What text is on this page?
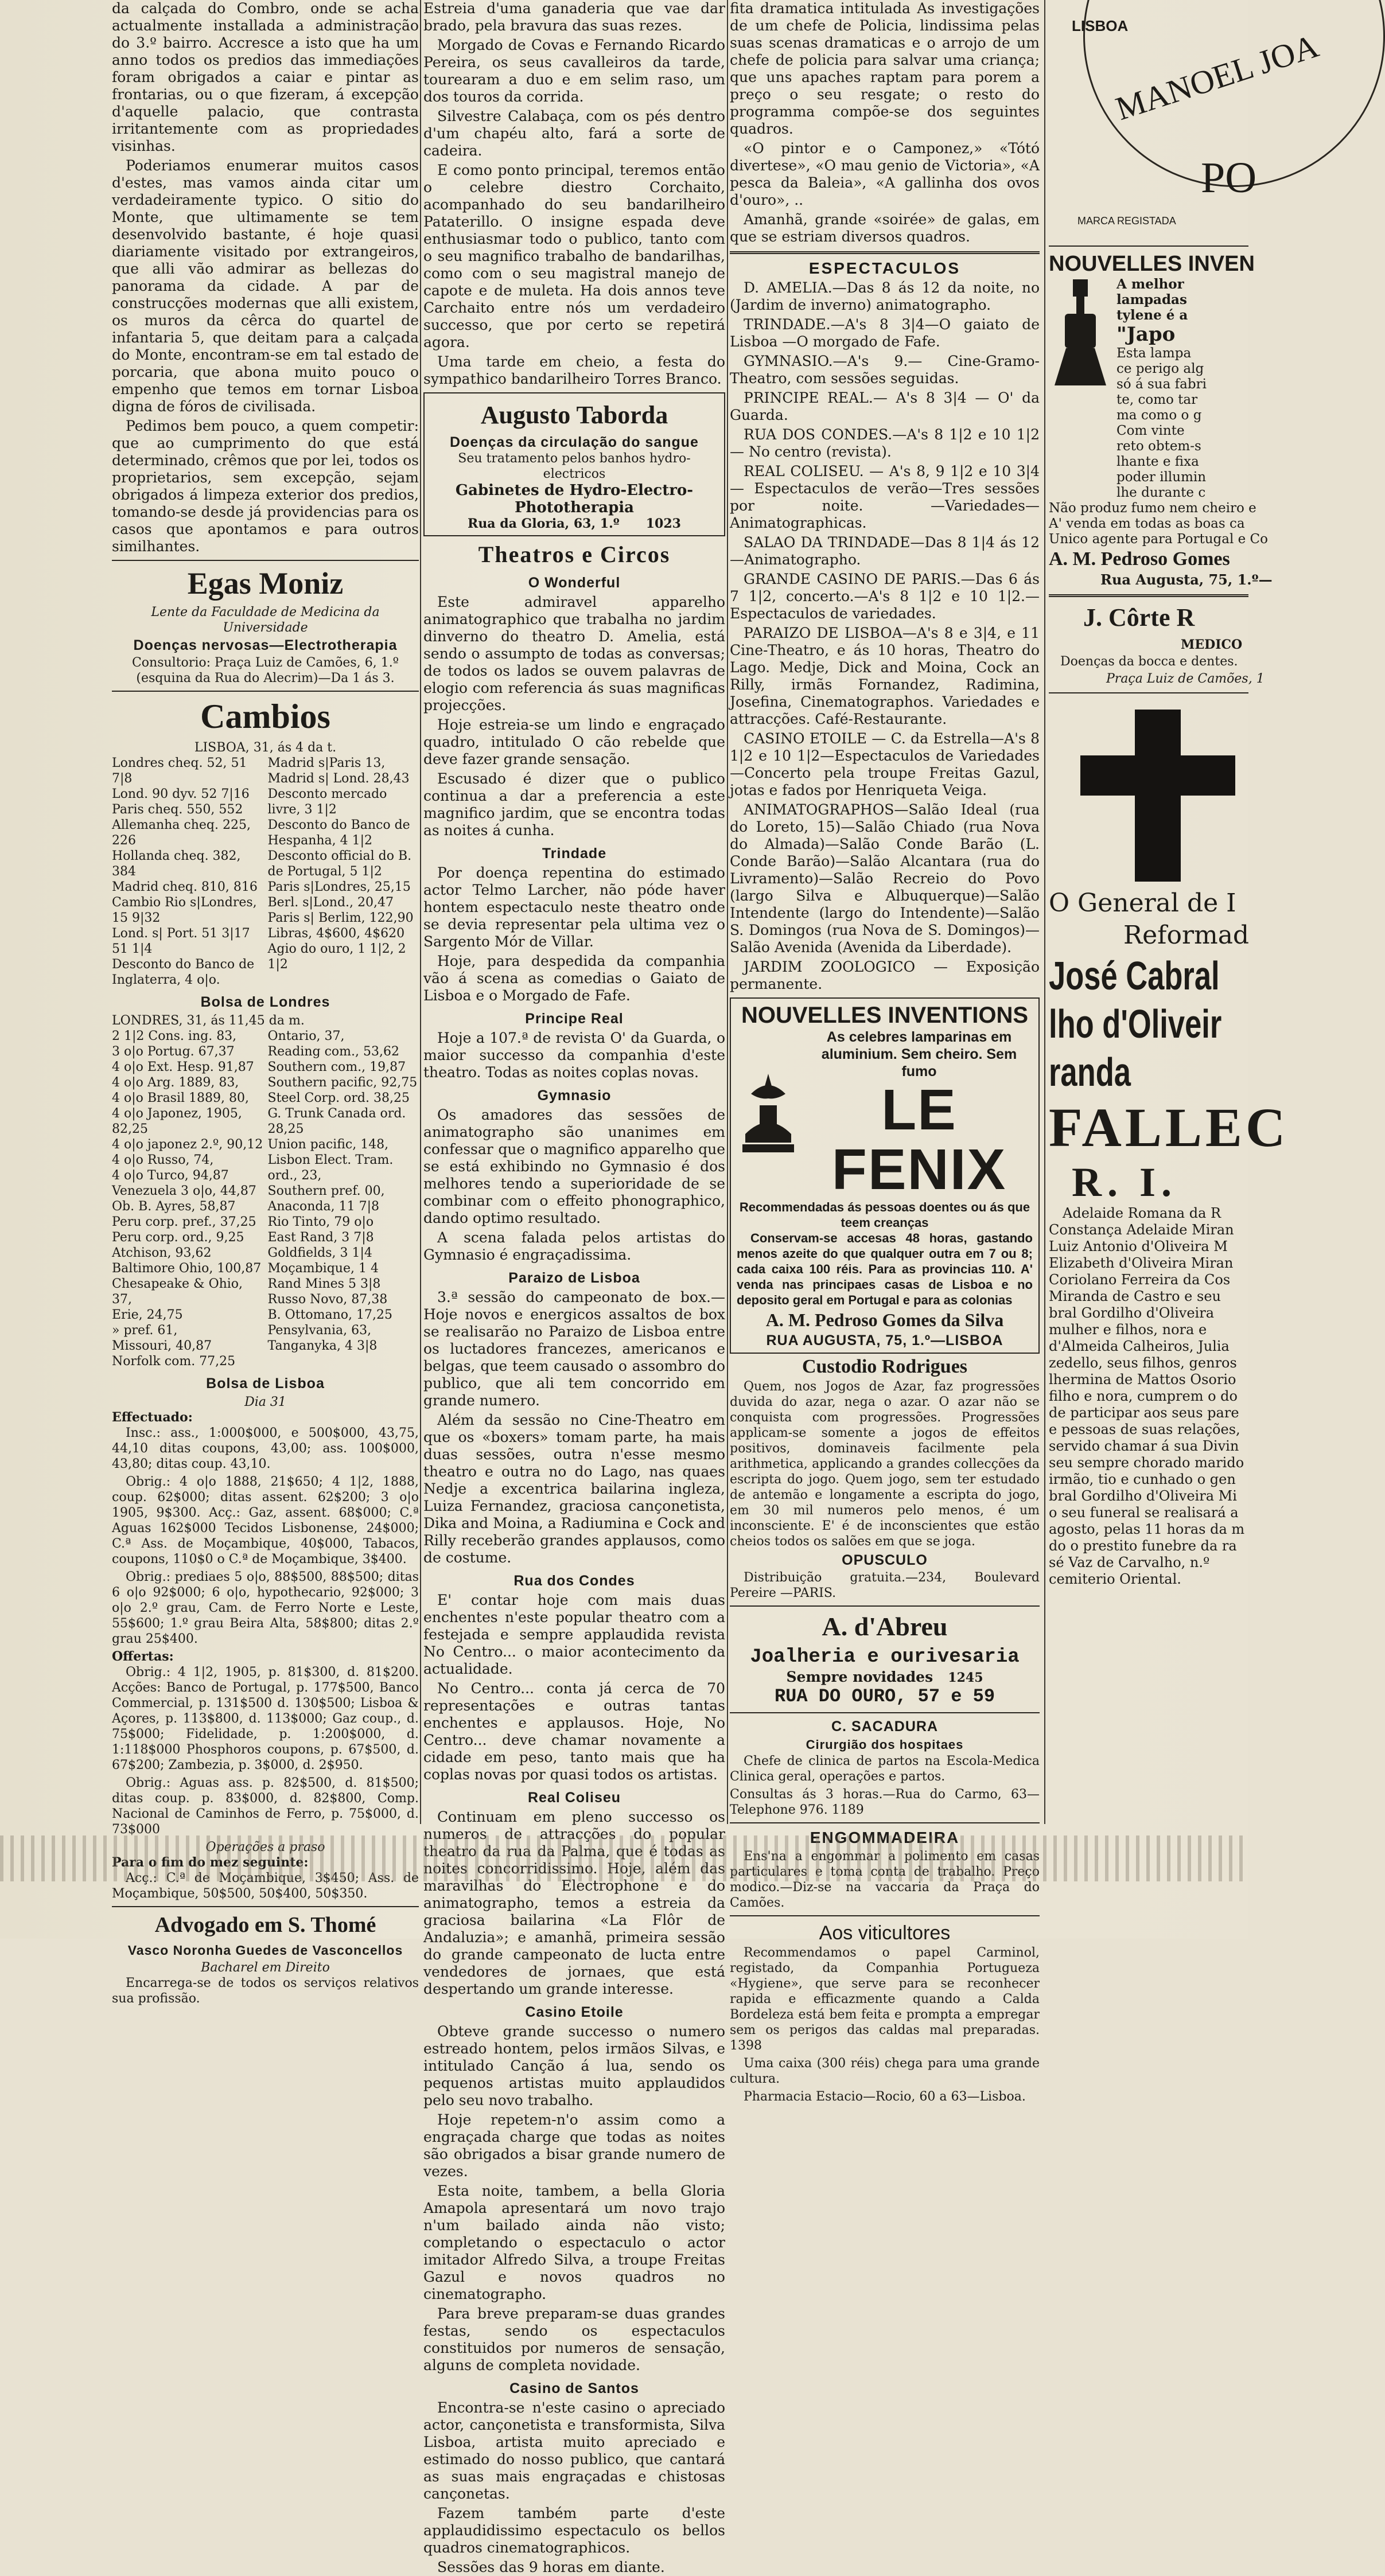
da calçada do Combro, onde se acha actualmente installada a administração do 3.º bairro. Accresce a isto que ha um anno todos os predios das immediações foram obrigados a caiar e pintar as frontarias, ou o que fizeram, á excepção d'aquelle palacio, que contrasta irritantemente com as propriedades visinhas.

Poderiamos enumerar muitos casos d'estes, mas vamos ainda citar um verdadeiramente typico. O sitio do Monte, que ultimamente se tem desenvolvido bastante, é hoje quasi diariamente visitado por extrangeiros, que alli vão admirar as bellezas do panorama da cidade. A par de construcções modernas que alli existem, os muros da cêrca do quartel de infantaria 5, que deitam para a calçada do Monte, encontram-se em tal estado de porcaria, que abona muito pouco o empenho que temos em tornar Lisboa digna de fóros de civilisada.

Pedimos bem pouco, a quem competir: que ao cumprimento do que está determinado, crêmos que por lei, todos os proprietarios, sem excepção, sejam obrigados á limpeza exterior dos predios, tomando-se desde já providencias para os casos que apontamos e para outros similhantes.

Egas Moniz
Lente da Faculdade de Medicina da Universidade
Doenças nervosas—Electrotherapia
Consultorio: Praça Luiz de Camões, 6, 1.º (esquina da Rua do Alecrim)—Da 1 ás 3.
Cambios
LISBOA, 31, ás 4 da t.
Londres cheq. 52, 51 7|8
Lond. 90 dyv. 52 7|16
Paris cheq. 550, 552
Allemanha cheq. 225, 226
Hollanda cheq. 382, 384
Madrid cheq. 810, 816
Cambio Rio s|Londres, 15 9|32
Lond. s| Port. 51 3|17 51 1|4
Desconto do Banco de Inglaterra, 4 o|o.
Madrid s|Paris 13,
Madrid s| Lond. 28,43
Desconto mercado livre, 3 1|2
Desconto do Banco de Hespanha, 4 1|2
Desconto official do B. de Portugal, 5 1|2
Paris s|Londres, 25,15
Berl. s|Lond., 20,47
Paris s| Berlim, 122,90
Libras, 4$600, 4$620
Agio do ouro, 1 1|2, 2 1|2
Bolsa de Londres
LONDRES, 31, ás 11,45 da m.
2 1|2 Cons. ing. 83,
3 o|o Portug. 67,37
4 o|o Ext. Hesp. 91,87
4 o|o Arg. 1889, 83,
4 o|o Brasil 1889, 80,
4 o|o Japonez, 1905, 82,25
4 o|o japonez 2.º, 90,12
4 o|o Russo, 74,
4 o|o Turco, 94,87
Venezuela 3 o|o, 44,87
Ob. B. Ayres, 58,87
Peru corp. pref., 37,25
Peru corp. ord., 9,25
Atchison, 93,62
Baltimore Ohio, 100,87
Chesapeake & Ohio, 37,
Erie, 24,75
» pref. 61,
Missouri, 40,87
Norfolk com. 77,25
Ontario, 37,
Reading com., 53,62
Southern com., 19,87
Southern pacific, 92,75
Steel Corp. ord. 38,25
G. Trunk Canada ord. 28,25
Union pacific, 148,
Lisbon Elect. Tram. ord., 23,
Southern pref. 00,
Anaconda, 11 7|8
Rio Tinto, 79 o|o
East Rand, 3 7|8
Goldfields, 3 1|4
Moçambique, 1 4
Rand Mines 5 3|8
Russo Novo, 87,38
B. Ottomano, 17,25
Pensylvania, 63,
Tanganyka, 4 3|8
Bolsa de Lisboa
Dia 31
Effectuado:

Insc.: ass., 1:000$000, e 500$000, 43,75, 44,10 ditas coupons, 43,00; ass. 100$000, 43,80; ditas coup. 43,10.

Obrig.: 4 o|o 1888, 21$650; 4 1|2, 1888, coup. 62$000; ditas assent. 62$200; 3 o|o 1905, 9$300. Acç.: Gaz, assent. 68$000; C.ª Aguas 162$000 Tecidos Lisbonense, 24$000; C.ª Ass. de Moçambique, 40$000, Tabacos, coupons, 110$0 o C.ª de Moçambique, 3$400.

Obrig.: prediaes 5 o|o, 88$500, 88$500; ditas 6 o|o 92$000; 6 o|o, hypothecario, 92$000; 3 o|o 2.º grau, Cam. de Ferro Norte e Leste, 55$600; 1.º grau Beira Alta, 58$800; ditas 2.º grau 25$400.

Offertas:

Obrig.: 4 1|2, 1905, p. 81$300, d. 81$200. Acções: Banco de Portugal, p. 177$500, Banco Commercial, p. 131$500 d. 130$500; Lisboa & Açores, p. 113$800, d. 113$000; Gaz coup., d. 75$000; Fidelidade, p. 1:200$000, d. 1:118$000 Phosphoros coupons, p. 67$500, d. 67$200; Zambezia, p. 3$000, d. 2$950.

Obrig.: Aguas ass. p. 82$500, d. 81$500; ditas coup. p. 83$000, d. 82$800, Comp. Nacional de Caminhos de Ferro, p. 75$000, d. 73$000

Operações a praso
Para o fim do mez seguinte:

Acç.: C.ª de Moçambique, 3$450; Ass. de Moçambique, 50$500, 50$400, 50$350.

Advogado em S. Thomé
Vasco Noronha Guedes de Vasconcellos
Bacharel em Direito

Encarrega-se de todos os serviços relativos sua profissão.

Estreia d'uma ganaderia que vae dar brado, pela bravura das suas rezes.

Morgado de Covas e Fernando Ricardo Pereira, os seus cavalleiros da tarde, tourearam a duo e em selim raso, um dos touros da corrida.

Silvestre Calabaça, com os pés dentro d'um chapéu alto, fará a sorte de cadeira.

E como ponto principal, teremos então o celebre diestro Corchaito, acompanhado do seu bandarilheiro Pataterillo. O insigne espada deve enthusiasmar todo o publico, tanto com o seu magnifico trabalho de bandarilhas, como com o seu magistral manejo de capote e de muleta. Ha dois annos teve Carchaito entre nós um verdadeiro successo, que por certo se repetirá agora.

Uma tarde em cheio, a festa do sympathico bandarilheiro Torres Branco.

Augusto Taborda
Doenças da circulação do sangue
Seu tratamento pelos banhos hydro-electricos
Gabinetes de Hydro-Electro-Phototherapia
Rua da Gloria, 63, 1.º 1023
Theatros e Circos
O Wonderful

Este admiravel apparelho animatographico que trabalha no jardim dinverno do theatro D. Amelia, está sendo o assumpto de todas as conversas; de todos os lados se ouvem palavras de elogio com referencia ás suas magnificas projecções.

Hoje estreia-se um lindo e engraçado quadro, intitulado O cão rebelde que deve fazer grande sensação.

Escusado é dizer que o publico continua a dar a preferencia a este magnifico jardim, que se encontra todas as noites á cunha.

Trindade

Por doença repentina do estimado actor Telmo Larcher, não póde haver hontem espectaculo neste theatro onde se devia representar pela ultima vez o Sargento Mór de Villar.

Hoje, para despedida da companhia vão á scena as comedias o Gaiato de Lisboa e o Morgado de Fafe.

Principe Real

Hoje a 107.ª de revista O' da Guarda, o maior successo da companhia d'este theatro. Todas as noites coplas novas.

Gymnasio

Os amadores das sessões de animatographo são unanimes em confessar que o magnifico apparelho que se está exhibindo no Gymnasio é dos melhores tendo a superioridade de se combinar com o effeito phonographico, dando optimo resultado.

A scena falada pelos artistas do Gymnasio é engraçadissima.

Paraizo de Lisboa

3.ª sessão do campeonato de box.—Hoje novos e energicos assaltos de box se realisarão no Paraizo de Lisboa entre os luctadores francezes, americanos e belgas, que teem causado o assombro do publico, que ali tem concorrido em grande numero.

Além da sessão no Cine-Theatro em que os «boxers» tomam parte, ha mais duas sessões, outra n'esse mesmo theatro e outra no do Lago, nas quaes Nedje a excentrica bailarina ingleza, Luiza Fernandez, graciosa cançonetista, Dika and Moina, a Radiumina e Cock and Rilly receberão grandes applausos, como de costume.

Rua dos Condes

E' contar hoje com mais duas enchentes n'este popular theatro com a festejada e sempre applaudida revista No Centro... o maior acontecimento da actualidade.

No Centro... conta já cerca de 70 representações e outras tantas enchentes e applausos. Hoje, No Centro... deve chamar novamente a cidade em peso, tanto mais que ha coplas novas por quasi todos os artistas.

Real Coliseu

Continuam em pleno successo os numeros de attracções do popular theatro da rua da Palma, que é todas as noites concorridissimo. Hoje, além das maravilhas do Electrophone e do animatographo, temos a estreia da graciosa bailarina «La Flôr de Andaluzia»; e amanhã, primeira sessão do grande campeonato de lucta entre vendedores de jornaes, que está despertando um grande interesse.

Casino Etoile

Obteve grande successo o numero estreado hontem, pelos irmãos Silvas, e intitulado Canção á lua, sendo os pequenos artistas muito applaudidos pelo seu novo trabalho.

Hoje repetem-n'o assim como a engraçada charge que todas as noites são obrigados a bisar grande numero de vezes.

Esta noite, tambem, a bella Gloria Amapola apresentará um novo trajo n'um bailado ainda não visto; completando o espectaculo o actor imitador Alfredo Silva, a troupe Freitas Gazul e novos quadros no cinematographo.

Para breve preparam-se duas grandes festas, sendo os espectaculos constituidos por numeros de sensação, alguns de completa novidade.

Casino de Santos

Encontra-se n'este casino o apreciado actor, cançonetista e transformista, Silva Lisboa, artista muito apreciado e estimado do nosso publico, que cantará as suas mais engraçadas e chistosas cançonetas.

Fazem também parte d'este applaudidissimo espectaculo os bellos quadros cinematographicos.

Sessões das 9 horas em diante.

fita dramatica intitulada As investigações de um chefe de Policia, lindissima pelas suas scenas dramaticas e o arrojo de um chefe de policia para salvar uma criança; que uns apaches raptam para porem a preço o seu resgate; o resto do programma compõe-se dos seguintes quadros.

«O pintor e o Camponez,» «Tótó divertese», «O mau genio de Victoria», «A pesca da Baleia», «A gallinha dos ovos d'ouro», ..

Amanhã, grande «soirée» de galas, em que se estriam diversos quadros.

ESPECTACULOS

D. AMELIA.—Das 8 ás 12 da noite, no (Jardim de inverno) animatographo.

TRINDADE.—A's 8 3|4—O gaiato de Lisboa —O morgado de Fafe.

GYMNASIO.—A's 9.— Cine-Gramo-Theatro, com sessões seguidas.

PRINCIPE REAL.— A's 8 3|4 — O' da Guarda.

RUA DOS CONDES.—A's 8 1|2 e 10 1|2— No centro (revista).

REAL COLISEU. — A's 8, 9 1|2 e 10 3|4— Espectaculos de verão—Tres sessões por noite. —Variedades—Animatographicas.

SALAO DA TRINDADE—Das 8 1|4 ás 12 —Animatographo.

GRANDE CASINO DE PARIS.—Das 6 ás 7 1|2, concerto.—A's 8 1|2 e 10 1|2.—Espectaculos de variedades.

PARAIZO DE LISBOA—A's 8 e 3|4, e 11 Cine-Theatro, e ás 10 horas, Theatro do Lago. Medje, Dick and Moina, Cock an Rilly, irmãs Fornandez, Radimina, Josefina, Cinematographos. Variedades e attracções. Café-Restaurante.

CASINO ETOILE — C. da Estrella—A's 8 1|2 e 10 1|2—Espectaculos de Variedades—Concerto pela troupe Freitas Gazul, jotas e fados por Henriqueta Veiga.

ANIMATOGRAPHOS—Salão Ideal (rua do Loreto, 15)—Salão Chiado (rua Nova do Almada)—Salão Conde Barão (L. Conde Barão)—Salão Alcantara (rua do Livramento)—Salão Recreio do Povo (largo Silva e Albuquerque)—Salão Intendente (largo do Intendente)—Salão S. Domingos (rua Nova de S. Domingos)—Salão Avenida (Avenida da Liberdade).

JARDIM ZOOLOGICO — Exposição permanente.

NOUVELLES INVENTIONS
As celebres lamparinas em aluminium. Sem cheiro. Sem fumo
LE FENIX
Recommendadas ás pessoas doentes ou ás que teem creanças

Conservam-se accesas 48 horas, gastando menos azeite do que qualquer outra em 7 ou 8; cada caixa 100 réis. Para as provincias 110. A' venda nas principaes casas de Lisboa e no deposito geral em Portugal e para as colonias

A. M. Pedroso Gomes da Silva
RUA AUGUSTA, 75, 1.º—LISBOA
Custodio Rodrigues

Quem, nos Jogos de Azar, faz progressões duvida do azar, nega o azar. O azar não se conquista com progressões. Progressões applicam-se somente a jogos de effeitos positivos, dominaveis facilmente pela arithmetica, applicando a grandes collecções da escripta do jogo. Quem jogo, sem ter estudado de antemão e longamente a escripta do jogo, em 30 mil numeros pelo menos, é um inconsciente. E' é de inconscientes que estão cheios todos os salões em que se joga.

OPUSCULO

Distribuição gratuita.—234, Boulevard Pereire —PARIS.

A. d'Abreu
Joalheria e ourivesaria
Sempre novidades 1245
RUA DO OURO, 57 e 59
C. SACADURA
Cirurgião dos hospitaes

Chefe de clinica de partos na Escola-Medica Clinica geral, operações e partos.

Consultas ás 3 horas.—Rua do Carmo, 63— Telephone 976. 1189
ENGOMMADEIRA

Ens'na a engommar a polimento em casas particulares e toma conta de trabalho. Preço modico.—Diz-se na vaccaria da Praça do Camões.

Aos viticultores

Recommendamos o papel Carminol, registado, da Companhia Portugueza «Hygiene», que serve para se reconhecer rapida e efficazmente quando a Calda Bordeleza está bem feita e prompta a empregar sem os perigos das caldas mal preparadas. 1398

Uma caixa (300 réis) chega para uma grande cultura.

Pharmacia Estacio—Rocio, 60 a 63—Lisboa.

LISBOA
MANOEL JOA
MARCA REGISTADA
PO
NOUVELLES INVEN
A melhor
lampadas
tylene é a
"Japo
Esta lampa
ce perigo alg
só á sua fabri
te, como tar
ma como o g
Com vinte
reto obtem-s
lhante e fixa
poder illumin
lhe durante c
Não produz fumo nem cheiro e
A' venda em todas as boas ca
Unico agente para Portugal e Co
A. M. Pedroso Gomes
Rua Augusta, 75, 1.º—
J. Côrte R
MEDICO
Doenças da bocca e dentes.
Praça Luiz de Camões, 1
O General de I
Reformad
José Cabral
lho d'Oliveir
randa
FALLEC
R. I.

Adelaide Romana da R Constança Adelaide Miran Luiz Antonio d'Oliveira M Elizabeth d'Oliveira Miran Coriolano Ferreira da Cos Miranda de Castro e seu bral Gordilho d'Oliveira mulher e filhos, nora e d'Almeida Calheiros, Julia zedello, seus filhos, genros lhermina de Mattos Osorio filho e nora, cumprem o do de participar aos seus pare e pessoas de suas relações, servido chamar á sua Divin seu sempre chorado marido irmão, tio e cunhado o gen bral Gordilho d'Oliveira Mi o seu funeral se realisará a agosto, pelas 11 horas da m do o prestito funebre da ra sé Vaz de Carvalho, n.º cemiterio Oriental.
